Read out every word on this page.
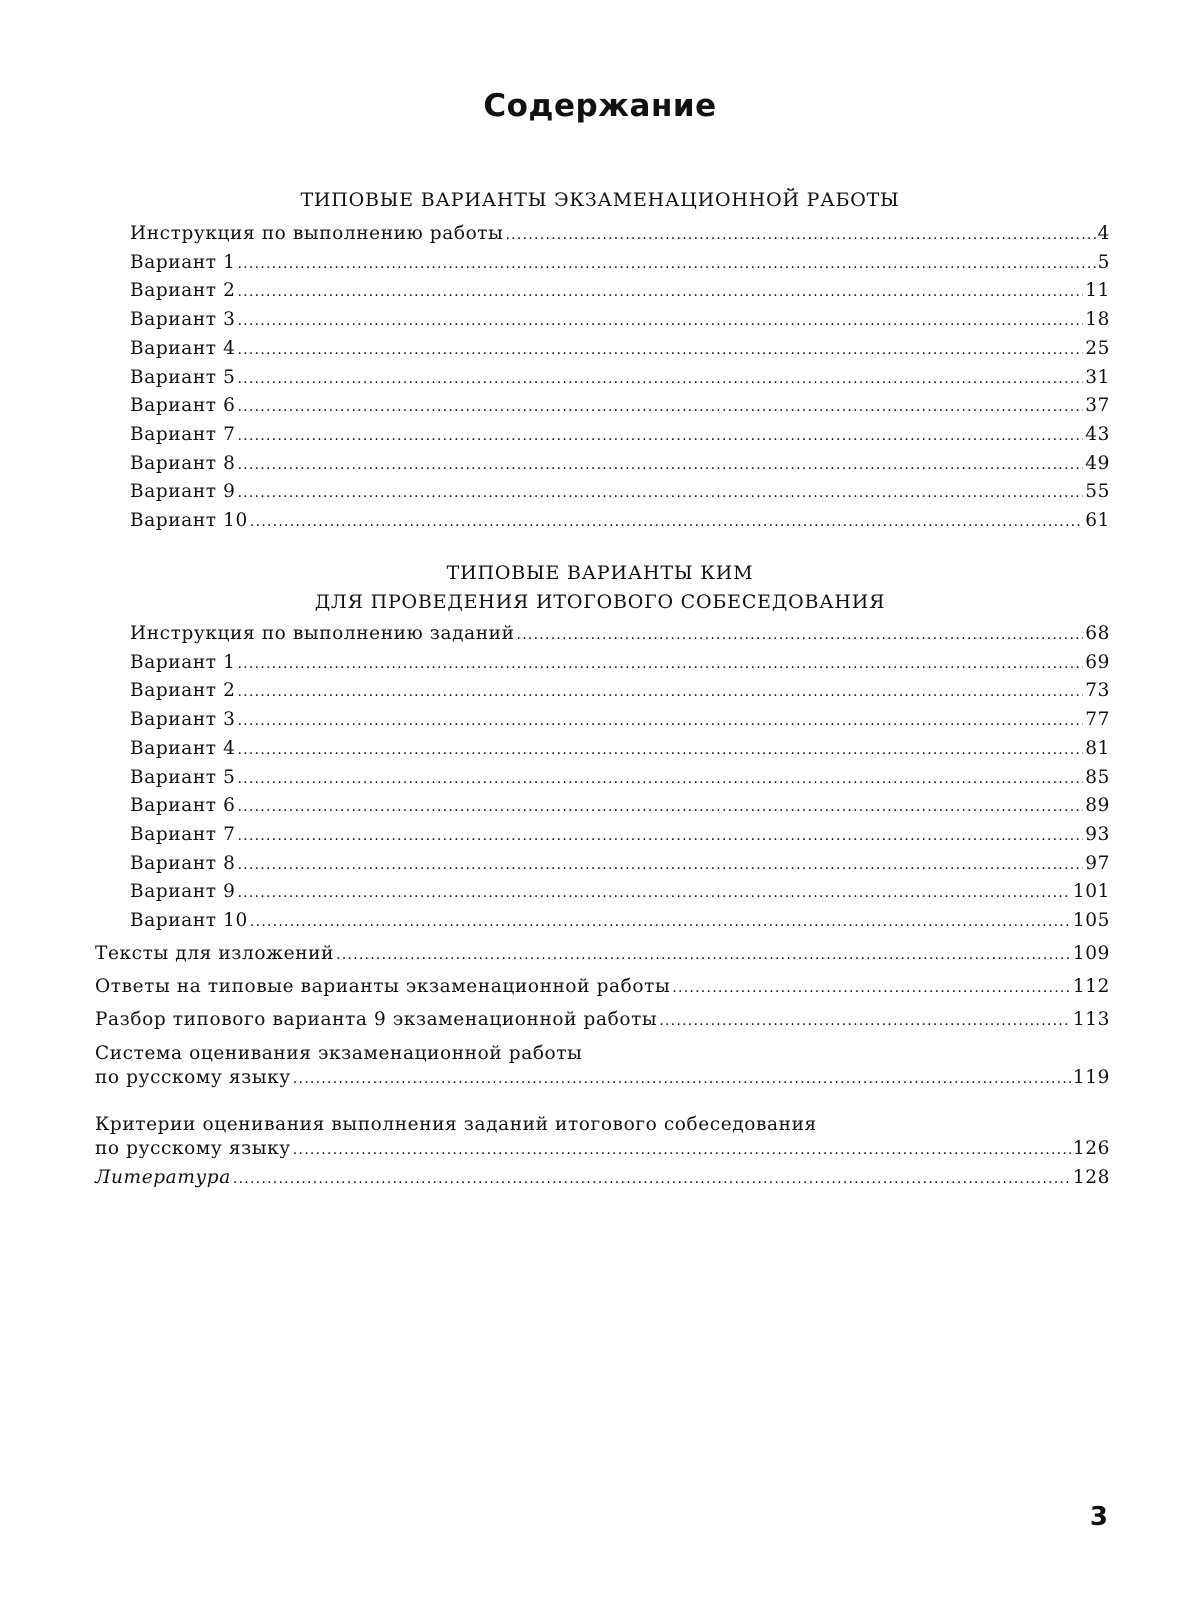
Содержание
ТИПОВЫЕ ВАРИАНТЫ ЭКЗАМЕНАЦИОННОЙ РАБОТЫ
Инструкция по выполнению работы . . .	4
Вариант 1 . . .	5
Вариант 2 . . .	11
Вариант 3 . . .	18
Вариант 4 . . .	25
Вариант 5 . . .	31
Вариант 6 . . .	37
Вариант 7 . . .	43
Вариант 8 . . .	49
Вариант 9 . . .	55
Вариант 10 . . .	61
ТИПОВЫЕ ВАРИАНТЫ КИМ
ДЛЯ ПРОВЕДЕНИЯ ИТОГОВОГО СОБЕСЕДОВАНИЯ
Инструкция по выполнению заданий . . .	68
Вариант 1 . . .	69
Вариант 2 . . .	73
Вариант 3 . . .	77
Вариант 4 . . .	81
Вариант 5 . . .	85
Вариант 6 . . .	89
Вариант 7 . . .	93
Вариант 8 . . .	97
Вариант 9 . . .	101
Вариант 10 . . .	105
Тексты для изложений . . .	109
Ответы на типовые варианты экзаменационной работы . . .	112
Разбор типового варианта 9 экзаменационной работы . . .	113
Система оценивания экзаменационной работы
по русскому языку . . .	119
Критерии оценивания выполнения заданий итогового собеседования
по русскому языку . . .	126
Литература . . .	128
3
